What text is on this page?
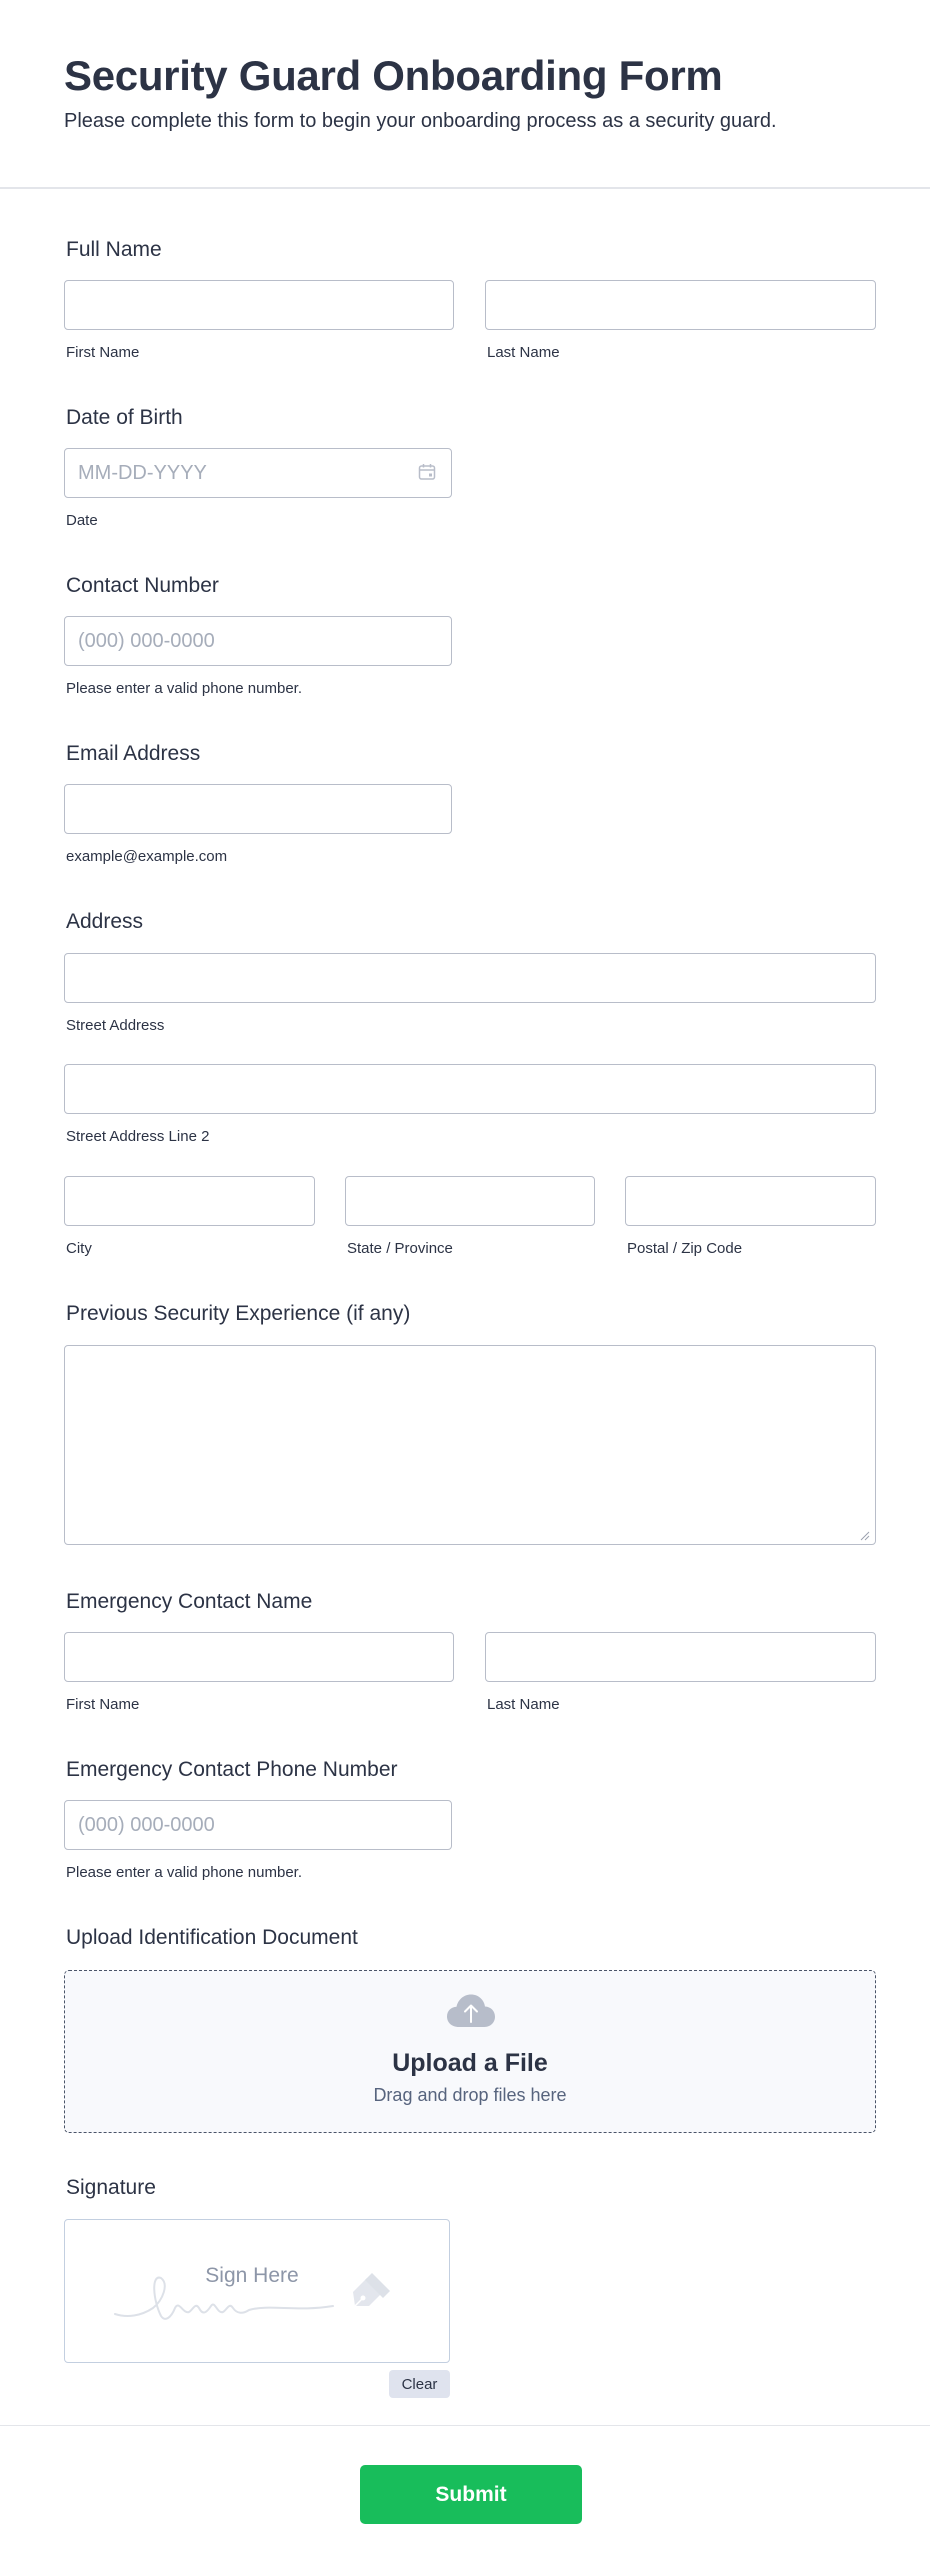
Security Guard Onboarding Form

Please complete this form to begin your onboarding process as a security guard.

Full Name
First Name	Last Name
Date of Birth
MM-DD-YYYY
Date
Contact Number
(000) 000-0000
Please enter a valid phone number.
Email Address
example@example.com
Address
Street Address
Street Address Line 2
City	State / Province	Postal / Zip Code
Previous Security Experience (if any)
Emergency Contact Name
First Name	Last Name
Emergency Contact Phone Number
(000) 000-0000
Please enter a valid phone number.
Upload Identification Document
Upload a File
Drag and drop files here
Signature
Sign Here
Clear
Submit
